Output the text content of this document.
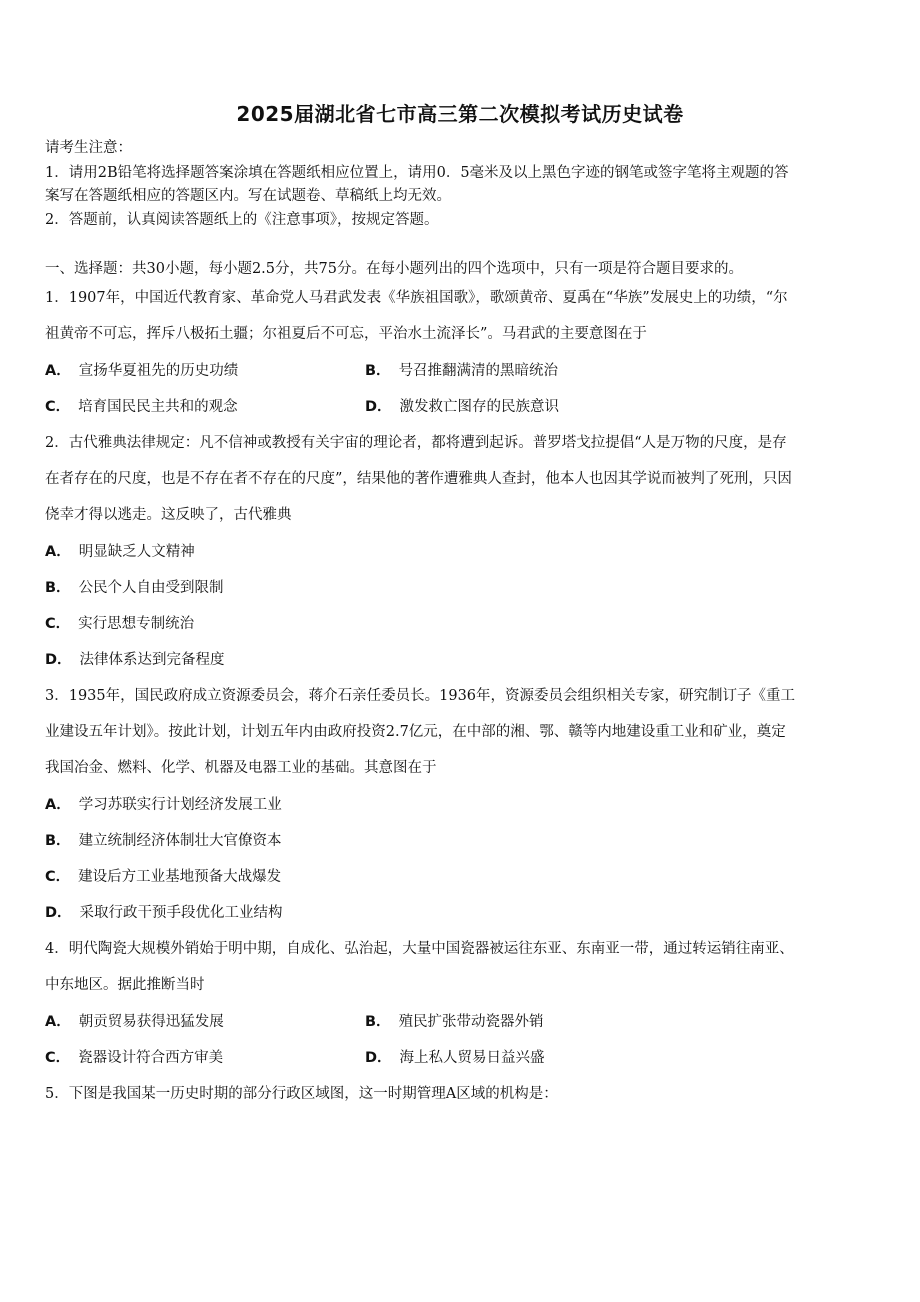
2025届湖北省七市高三第二次模拟考试历史试卷
请考生注意：
1．请用2B铅笔将选择题答案涂填在答题纸相应位置上，请用0．5毫米及以上黑色字迹的钢笔或签字笔将主观题的答
案写在答题纸相应的答题区内。写在试题卷、草稿纸上均无效。
2．答题前，认真阅读答题纸上的《注意事项》，按规定答题。
一、选择题：共30小题，每小题2.5分，共75分。在每小题列出的四个选项中，只有一项是符合题目要求的。
1．1907年，中国近代教育家、革命党人马君武发表《华族祖国歌》，歌颂黄帝、夏禹在“华族”发展史上的功绩，“尔
祖黄帝不可忘，挥斥八极拓土疆；尔祖夏后不可忘，平治水土流泽长”。马君武的主要意图在于
A． 宣扬华夏祖先的历史功绩	B． 号召推翻满清的黑暗统治
C． 培育国民民主共和的观念	D． 激发救亡图存的民族意识
2．古代雅典法律规定：凡不信神或教授有关宇宙的理论者，都将遭到起诉。普罗塔戈拉提倡“人是万物的尺度，是存
在者存在的尺度，也是不存在者不存在的尺度”，结果他的著作遭雅典人查封，他本人也因其学说而被判了死刑，只因
侥幸才得以逃走。这反映了，古代雅典
A． 明显缺乏人文精神
B． 公民个人自由受到限制
C． 实行思想专制统治
D． 法律体系达到完备程度
3．1935年，国民政府成立资源委员会，蒋介石亲任委员长。1936年，资源委员会组织相关专家，研究制订子《重工
业建设五年计划》。按此计划，计划五年内由政府投资2.7亿元，在中部的湘、鄂、赣等内地建设重工业和矿业，奠定
我国冶金、燃料、化学、机器及电器工业的基础。其意图在于
A． 学习苏联实行计划经济发展工业
B． 建立统制经济体制壮大官僚资本
C． 建设后方工业基地预备大战爆发
D． 采取行政干预手段优化工业结构
4．明代陶瓷大规模外销始于明中期，自成化、弘治起，大量中国瓷器被运往东亚、东南亚一带，通过转运销往南亚、
中东地区。据此推断当时
A． 朝贡贸易获得迅猛发展	B． 殖民扩张带动瓷器外销
C． 瓷器设计符合西方审美	D． 海上私人贸易日益兴盛
5．下图是我国某一历史时期的部分行政区域图，这一时期管理A区域的机构是：
